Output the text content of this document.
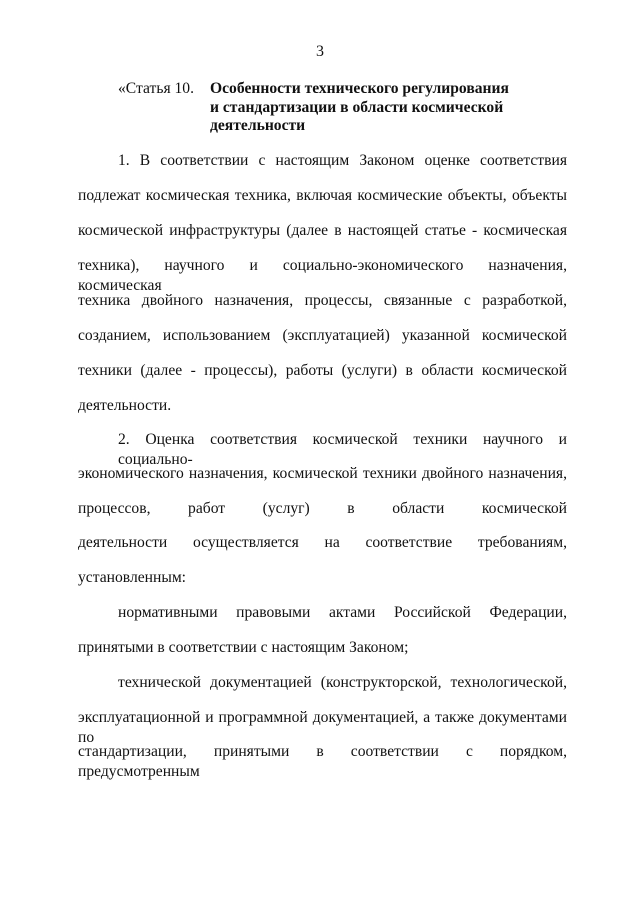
3
«Статья 10. Особенности технического регулирования
и стандартизации в области космической
деятельности
1. В соответствии с настоящим Законом оценке соответствия
подлежат космическая техника, включая космические объекты, объекты
космической инфраструктуры (далее в настоящей статье - космическая
техника), научного и социально-экономического назначения, космическая
техника двойного назначения, процессы, связанные с разработкой,
созданием, использованием (эксплуатацией) указанной космической
техники (далее - процессы), работы (услуги) в области космической
деятельности.
2. Оценка соответствия космической техники научного и социально-
экономического назначения, космической техники двойного назначения,
процессов, работ (услуг) в области космической
деятельности осуществляется на соответствие требованиям,
установленным:
нормативными правовыми актами Российской Федерации,
принятыми в соответствии с настоящим Законом;
технической документацией (конструкторской, технологической,
эксплуатационной и программной документацией, а также документами по
стандартизации, принятыми в соответствии с порядком, предусмотренным
